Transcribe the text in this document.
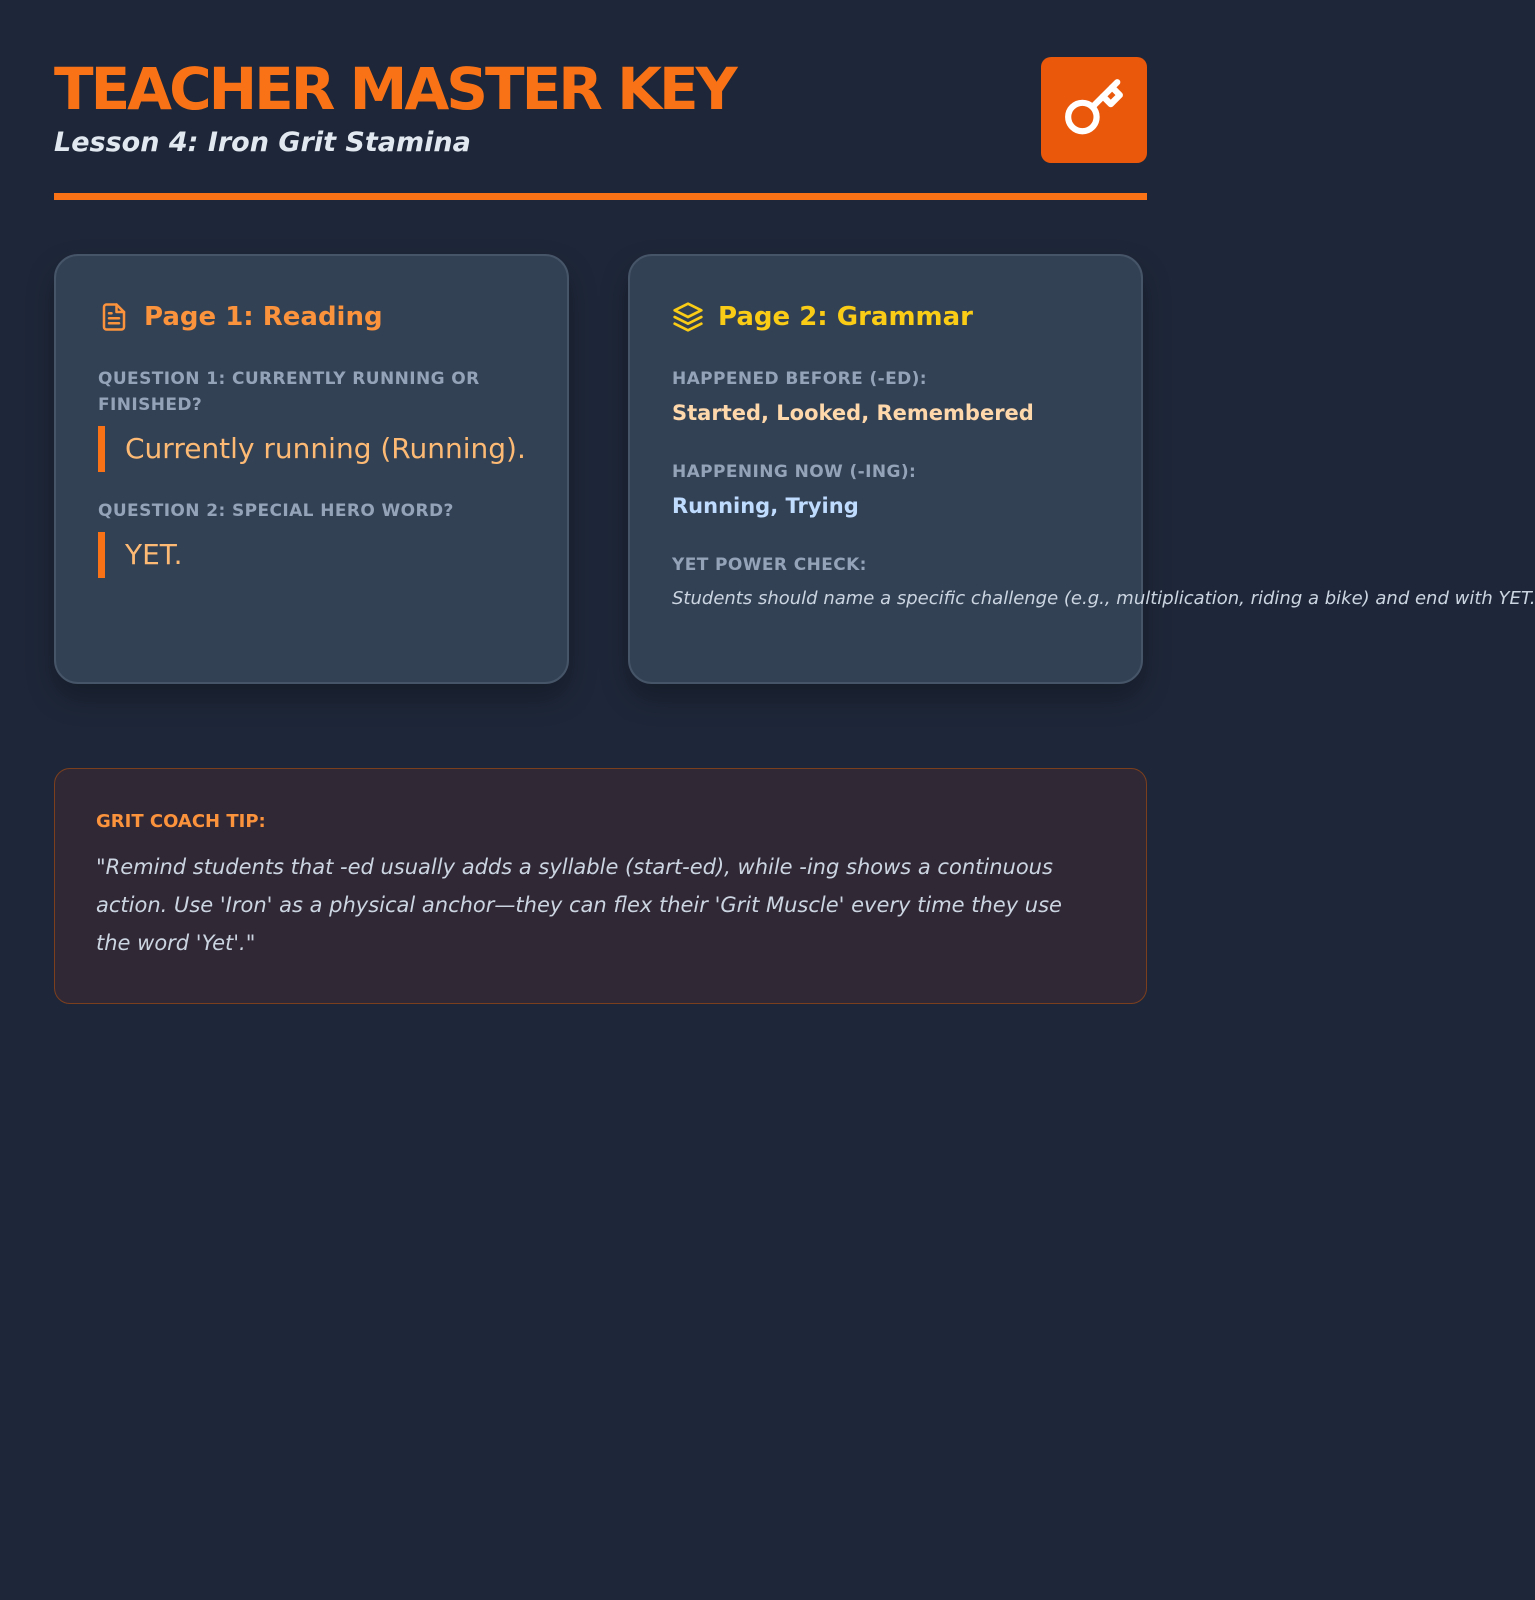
TEACHER MASTER KEY
Lesson 4: Iron Grit Stamina
Page 1: Reading
QUESTION 1: CURRENTLY RUNNING OR FINISHED?
Currently running (Running).
QUESTION 2: SPECIAL HERO WORD?
YET.
Page 2: Grammar
HAPPENED BEFORE (-ED):
Started, Looked, Remembered
HAPPENING NOW (-ING):
Running, Trying
YET POWER CHECK:
Students should name a specific challenge (e.g., multiplication, riding a bike) and end with YET.
GRIT COACH TIP:

"Remind students that -ed usually adds a syllable (start-ed), while -ing shows a continuous action. Use 'Iron' as a physical anchor—they can flex their 'Grit Muscle' every time they use the word 'Yet'."
